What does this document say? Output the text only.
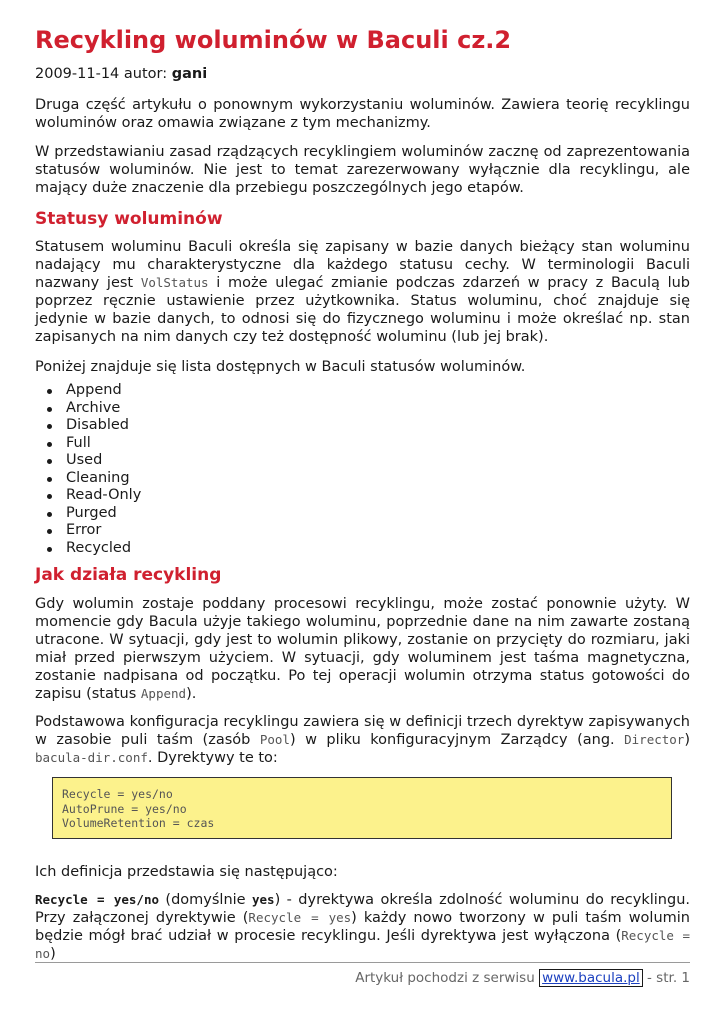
Recykling woluminów w Baculi cz.2
2009-11-14 autor: gani

Druga część artykułu o ponownym wykorzystaniu woluminów. Zawiera teorię recyklingu woluminów oraz omawia związane z tym mechanizmy.

W przedstawianiu zasad rządzących recyklingiem woluminów zacznę od zaprezentowania statusów woluminów. Nie jest to temat zarezerwowany wyłącznie dla recyklingu, ale mający duże znaczenie dla przebiegu poszczególnych jego etapów.

Statusy woluminów

Statusem woluminu Baculi określa się zapisany w bazie danych bieżący stan woluminu nadający mu charakterystyczne dla każdego statusu cechy. W terminologii Baculi nazwany jest VolStatus i może ulegać zmianie podczas zdarzeń w pracy z Baculą lub poprzez ręcznie ustawienie przez użytkownika. Status woluminu, choć znajduje się jedynie w bazie danych, to odnosi się do fizycznego woluminu i może określać np. stan zapisanych na nim danych czy też dostępność woluminu (lub jej brak).

Poniżej znajduje się lista dostępnych w Baculi statusów woluminów.

Append
Archive
Disabled
Full
Used
Cleaning
Read-Only
Purged
Error
Recycled
Jak działa recykling

Gdy wolumin zostaje poddany procesowi recyklingu, może zostać ponownie użyty. W momencie gdy Bacula użyje takiego woluminu, poprzednie dane na nim zawarte zostaną utracone. W sytuacji, gdy jest to wolumin plikowy, zostanie on przycięty do rozmiaru, jaki miał przed pierwszym użyciem. W sytuacji, gdy woluminem jest taśma magnetyczna, zostanie nadpisana od początku. Po tej operacji wolumin otrzyma status gotowości do zapisu (status Append).

Podstawowa konfiguracja recyklingu zawiera się w definicji trzech dyrektyw zapisywanych w zasobie puli taśm (zasób Pool) w pliku konfiguracyjnym Zarządcy (ang. Director) bacula-dir.conf. Dyrektywy te to:

Recycle = yes/no
AutoPrune = yes/no
VolumeRetention = czas

Ich definicja przedstawia się następująco:

Recycle = yes/no (domyślnie yes) - dyrektywa określa zdolność woluminu do recyklingu. Przy załączonej dyrektywie (Recycle = yes) każdy nowo tworzony w puli taśm wolumin będzie mógł brać udział w procesie recyklingu. Jeśli dyrektywa jest wyłączona (Recycle = no)

Artykuł pochodzi z serwisu www.bacula.pl - str. 1
